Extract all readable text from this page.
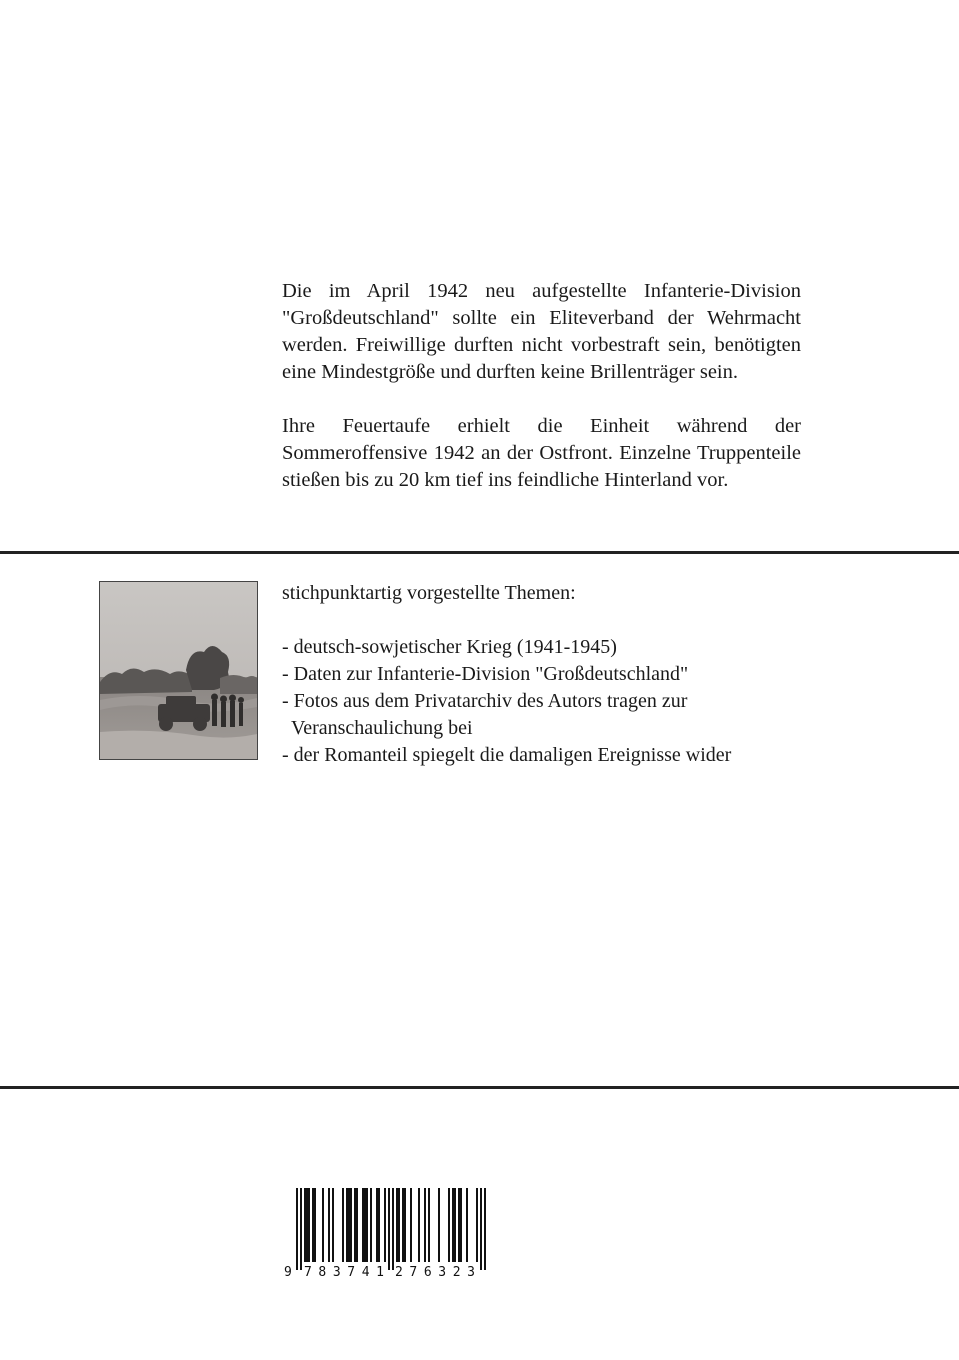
Die im April 1942 neu aufgestellte Infanterie-Division "Großdeutschland" sollte ein Eliteverband der Wehrmacht werden. Freiwillige durften nicht vorbestraft sein, benötigten eine Mindestgröße und durften keine Brillenträger sein.

Ihre Feuertaufe erhielt die Einheit während der Sommeroffensive 1942 an der Ostfront. Einzelne Truppenteile stießen bis zu 20 km tief ins feindliche Hinterland vor.

stichpunktartig vorgestellte Themen:

- deutsch-sowjetischer Krieg (1941-1945)
- Daten zur Infanterie-Division "Großdeutschland"
- Fotos aus dem Privatarchiv des Autors tragen zur
Veranschaulichung bei
- der Romanteil spiegelt die damaligen Ereignisse wider
9 783741 276323
